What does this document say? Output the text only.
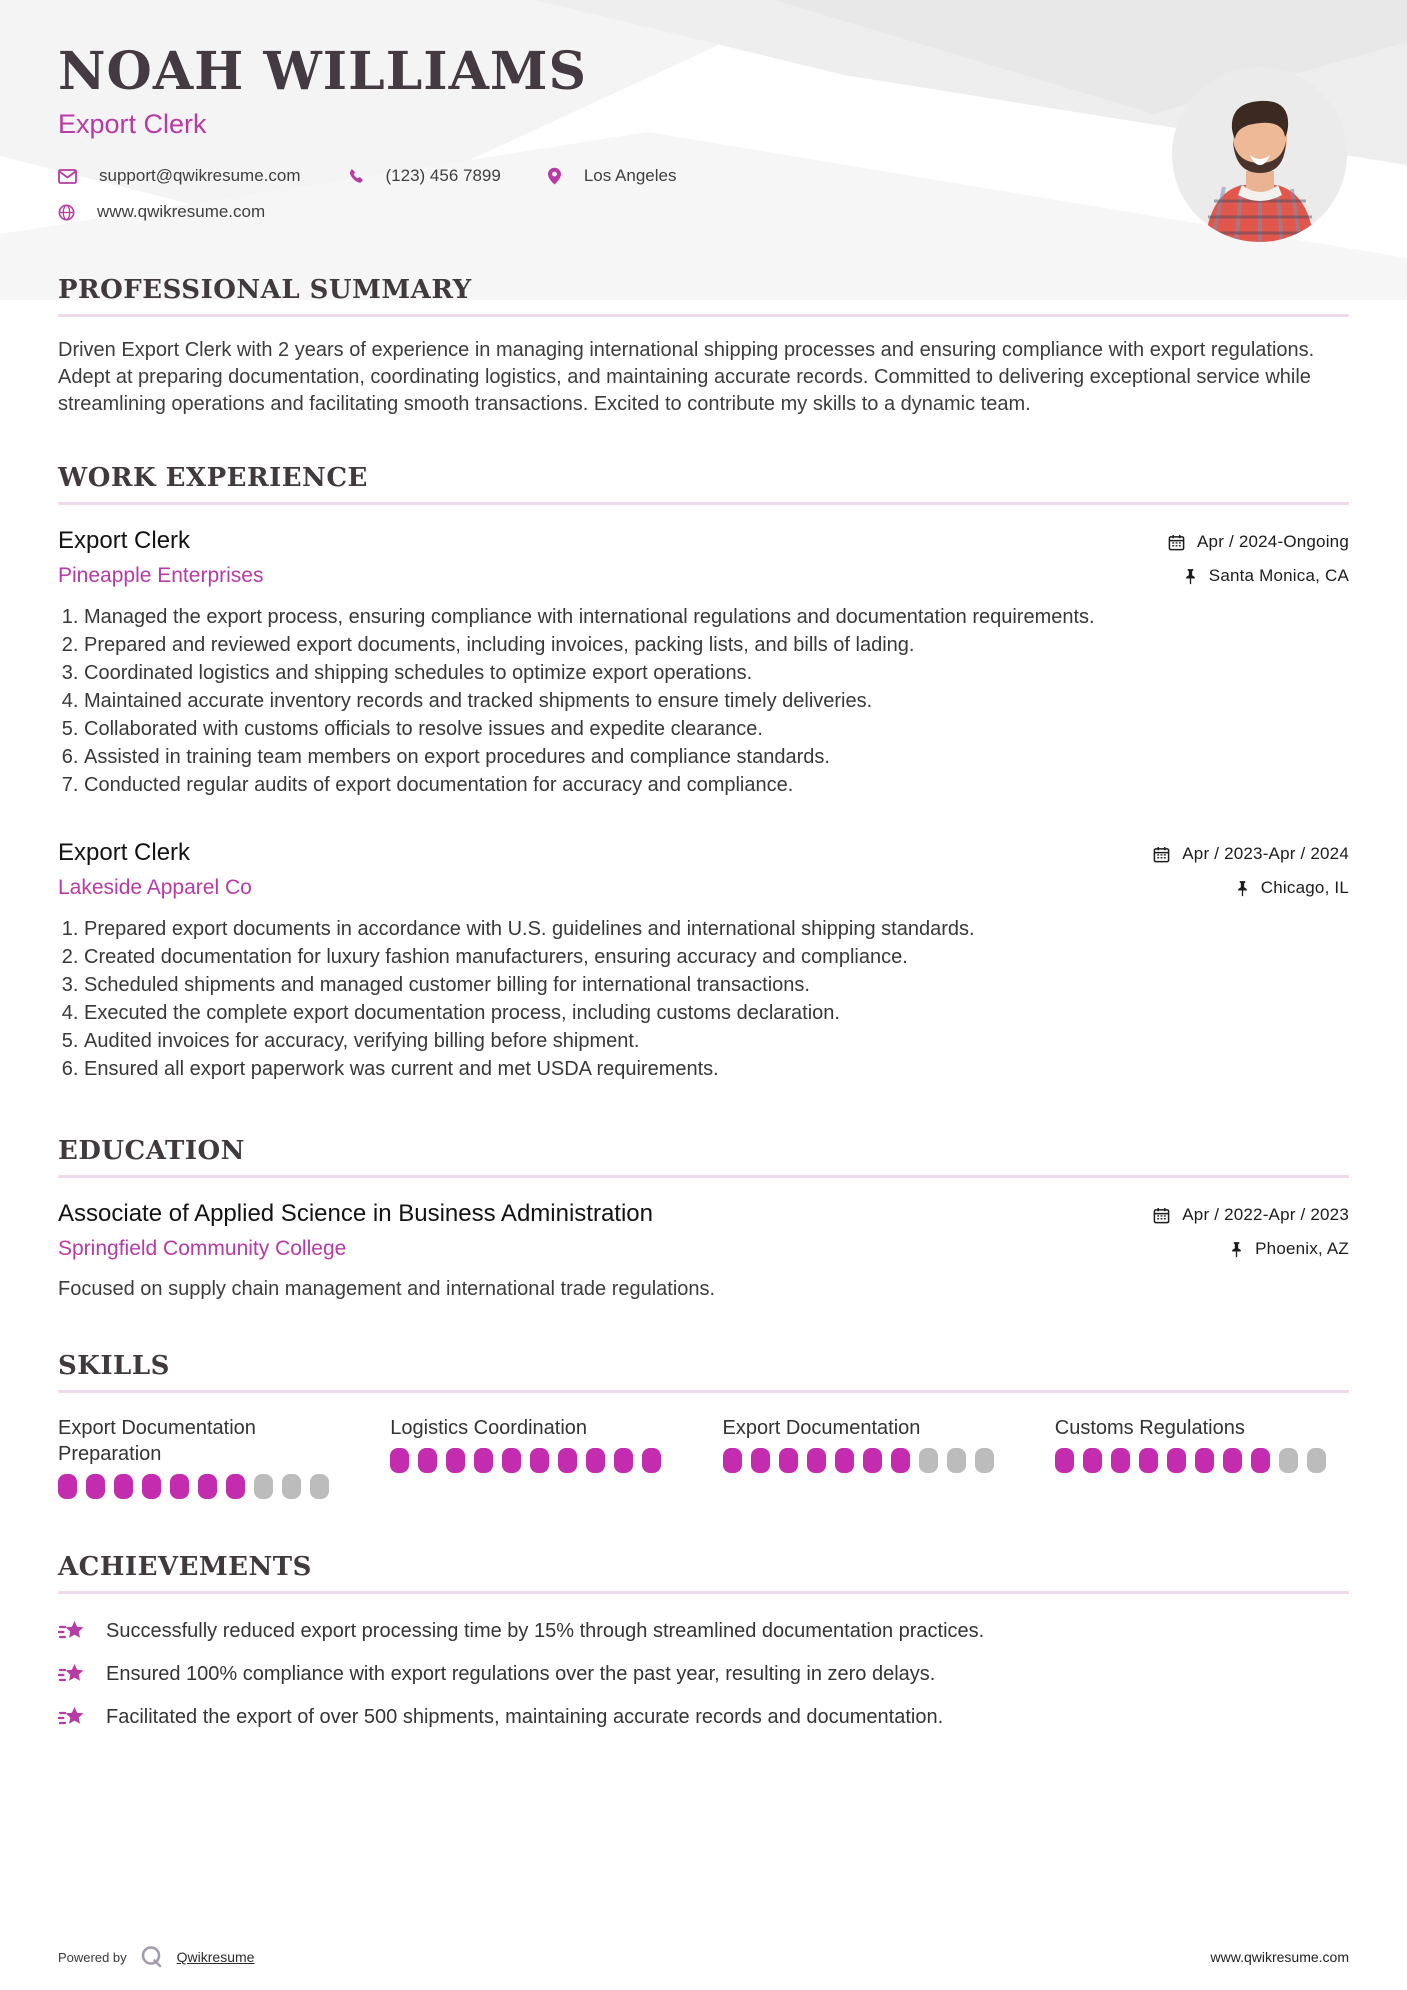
NOAH WILLIAMS
Export Clerk
support@qwikresume.com	(123) 456 7899	Los Angeles
www.qwikresume.com
PROFESSIONAL SUMMARY

Driven Export Clerk with 2 years of experience in managing international shipping processes and ensuring compliance with export regulations. Adept at preparing documentation, coordinating logistics, and maintaining accurate records. Committed to delivering exceptional service while streamlining operations and facilitating smooth transactions. Excited to contribute my skills to a dynamic team.

WORK EXPERIENCE
Export Clerk
Pineapple Enterprises
Apr / 2024-Ongoing
Santa Monica, CA
1. Managed the export process, ensuring compliance with international regulations and documentation requirements.
2. Prepared and reviewed export documents, including invoices, packing lists, and bills of lading.
3. Coordinated logistics and shipping schedules to optimize export operations.
4. Maintained accurate inventory records and tracked shipments to ensure timely deliveries.
5. Collaborated with customs officials to resolve issues and expedite clearance.
6. Assisted in training team members on export procedures and compliance standards.
7. Conducted regular audits of export documentation for accuracy and compliance.
Export Clerk
Lakeside Apparel Co
Apr / 2023-Apr / 2024
Chicago, IL
1. Prepared export documents in accordance with U.S. guidelines and international shipping standards.
2. Created documentation for luxury fashion manufacturers, ensuring accuracy and compliance.
3. Scheduled shipments and managed customer billing for international transactions.
4. Executed the complete export documentation process, including customs declaration.
5. Audited invoices for accuracy, verifying billing before shipment.
6. Ensured all export paperwork was current and met USDA requirements.
EDUCATION
Associate of Applied Science in Business Administration
Springfield Community College
Focused on supply chain management and international trade regulations.
Apr / 2022-Apr / 2023
Phoenix, AZ
SKILLS
Export Documentation Preparation
Logistics Coordination	Export Documentation	Customs Regulations
ACHIEVEMENTS
Successfully reduced export processing time by 15% through streamlined documentation practices.
Ensured 100% compliance with export regulations over the past year, resulting in zero delays.
Facilitated the export of over 500 shipments, maintaining accurate records and documentation.
Powered by	Qwikresume	www.qwikresume.com
